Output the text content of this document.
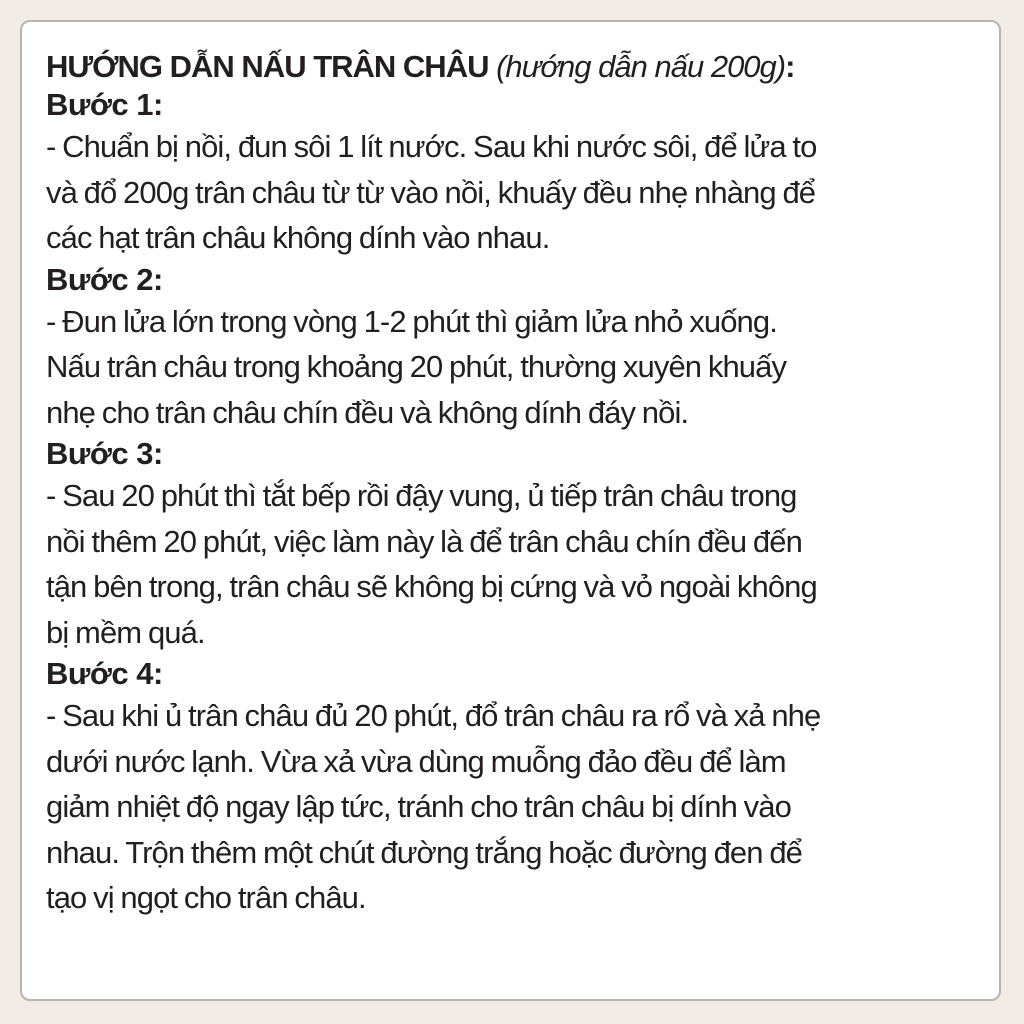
HƯỚNG DẪN NẤU TRÂN CHÂU (hướng dẫn nấu 200g):
Bước 1:
- Chuẩn bị nồi, đun sôi 1 lít nước. Sau khi nước sôi, để lửa to
và đổ 200g trân châu từ từ vào nồi, khuấy đều nhẹ nhàng để
các hạt trân châu không dính vào nhau.
Bước 2:
- Đun lửa lớn trong vòng 1-2 phút thì giảm lửa nhỏ xuống.
Nấu trân châu trong khoảng 20 phút, thường xuyên khuấy
nhẹ cho trân châu chín đều và không dính đáy nồi.
Bước 3:
- Sau 20 phút thì tắt bếp rồi đậy vung, ủ tiếp trân châu trong
nồi thêm 20 phút, việc làm này là để trân châu chín đều đến
tận bên trong, trân châu sẽ không bị cứng và vỏ ngoài không
bị mềm quá.
Bước 4:
- Sau khi ủ trân châu đủ 20 phút, đổ trân châu ra rổ và xả nhẹ
dưới nước lạnh. Vừa xả vừa dùng muỗng đảo đều để làm
giảm nhiệt độ ngay lập tức, tránh cho trân châu bị dính vào
nhau. Trộn thêm một chút đường trắng hoặc đường đen để
tạo vị ngọt cho trân châu.
